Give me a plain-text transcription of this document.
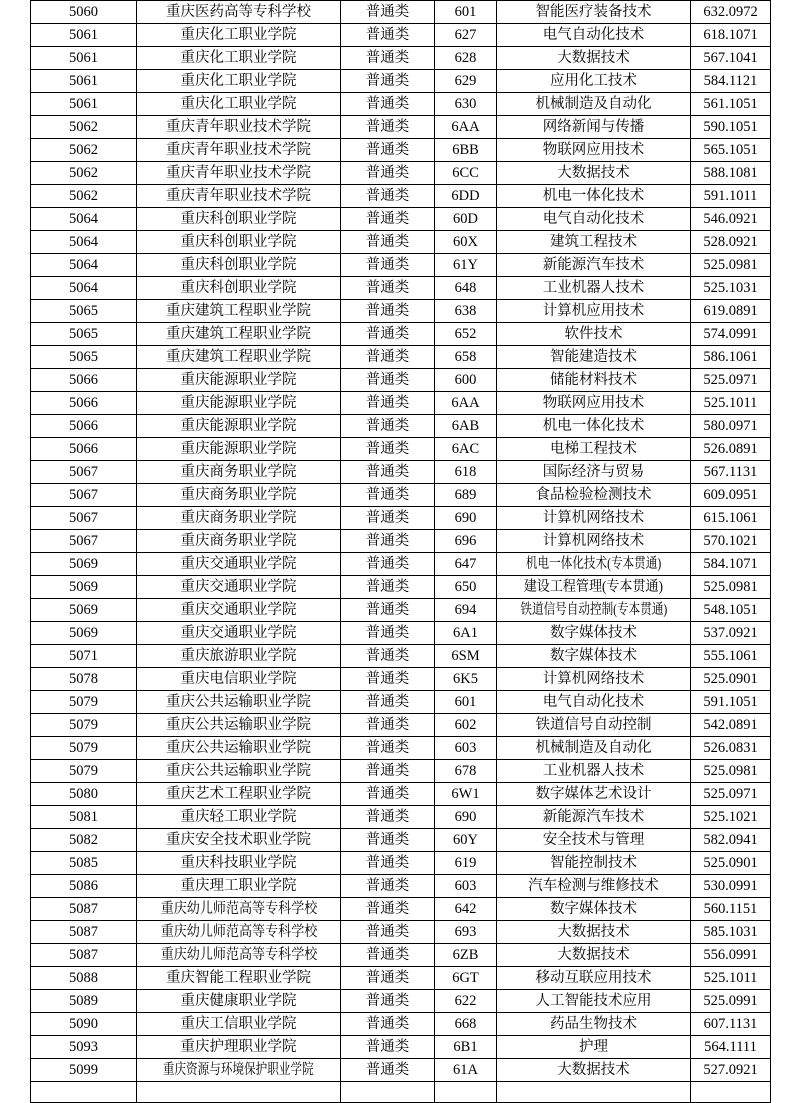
5060	重庆医药高等专科学校	普通类	601	智能医疗装备技术	632.0972
5061	重庆化工职业学院	普通类	627	电气自动化技术	618.1071
5061	重庆化工职业学院	普通类	628	大数据技术	567.1041
5061	重庆化工职业学院	普通类	629	应用化工技术	584.1121
5061	重庆化工职业学院	普通类	630	机械制造及自动化	561.1051
5062	重庆青年职业技术学院	普通类	6AA	网络新闻与传播	590.1051
5062	重庆青年职业技术学院	普通类	6BB	物联网应用技术	565.1051
5062	重庆青年职业技术学院	普通类	6CC	大数据技术	588.1081
5062	重庆青年职业技术学院	普通类	6DD	机电一体化技术	591.1011
5064	重庆科创职业学院	普通类	60D	电气自动化技术	546.0921
5064	重庆科创职业学院	普通类	60X	建筑工程技术	528.0921
5064	重庆科创职业学院	普通类	61Y	新能源汽车技术	525.0981
5064	重庆科创职业学院	普通类	648	工业机器人技术	525.1031
5065	重庆建筑工程职业学院	普通类	638	计算机应用技术	619.0891
5065	重庆建筑工程职业学院	普通类	652	软件技术	574.0991
5065	重庆建筑工程职业学院	普通类	658	智能建造技术	586.1061
5066	重庆能源职业学院	普通类	600	储能材料技术	525.0971
5066	重庆能源职业学院	普通类	6AA	物联网应用技术	525.1011
5066	重庆能源职业学院	普通类	6AB	机电一体化技术	580.0971
5066	重庆能源职业学院	普通类	6AC	电梯工程技术	526.0891
5067	重庆商务职业学院	普通类	618	国际经济与贸易	567.1131
5067	重庆商务职业学院	普通类	689	食品检验检测技术	609.0951
5067	重庆商务职业学院	普通类	690	计算机网络技术	615.1061
5067	重庆商务职业学院	普通类	696	计算机网络技术	570.1021
5069	重庆交通职业学院	普通类	647	机电一体化技术(专本贯通)	584.1071
5069	重庆交通职业学院	普通类	650	建设工程管理(专本贯通)	525.0981
5069	重庆交通职业学院	普通类	694	铁道信号自动控制(专本贯通)	548.1051
5069	重庆交通职业学院	普通类	6A1	数字媒体技术	537.0921
5071	重庆旅游职业学院	普通类	6SM	数字媒体技术	555.1061
5078	重庆电信职业学院	普通类	6K5	计算机网络技术	525.0901
5079	重庆公共运输职业学院	普通类	601	电气自动化技术	591.1051
5079	重庆公共运输职业学院	普通类	602	铁道信号自动控制	542.0891
5079	重庆公共运输职业学院	普通类	603	机械制造及自动化	526.0831
5079	重庆公共运输职业学院	普通类	678	工业机器人技术	525.0981
5080	重庆艺术工程职业学院	普通类	6W1	数字媒体艺术设计	525.0971
5081	重庆轻工职业学院	普通类	690	新能源汽车技术	525.1021
5082	重庆安全技术职业学院	普通类	60Y	安全技术与管理	582.0941
5085	重庆科技职业学院	普通类	619	智能控制技术	525.0901
5086	重庆理工职业学院	普通类	603	汽车检测与维修技术	530.0991
5087	重庆幼儿师范高等专科学校	普通类	642	数字媒体技术	560.1151
5087	重庆幼儿师范高等专科学校	普通类	693	大数据技术	585.1031
5087	重庆幼儿师范高等专科学校	普通类	6ZB	大数据技术	556.0991
5088	重庆智能工程职业学院	普通类	6GT	移动互联应用技术	525.1011
5089	重庆健康职业学院	普通类	622	人工智能技术应用	525.0991
5090	重庆工信职业学院	普通类	668	药品生物技术	607.1131
5093	重庆护理职业学院	普通类	6B1	护理	564.1111
5099	重庆资源与环境保护职业学院	普通类	61A	大数据技术	527.0921
